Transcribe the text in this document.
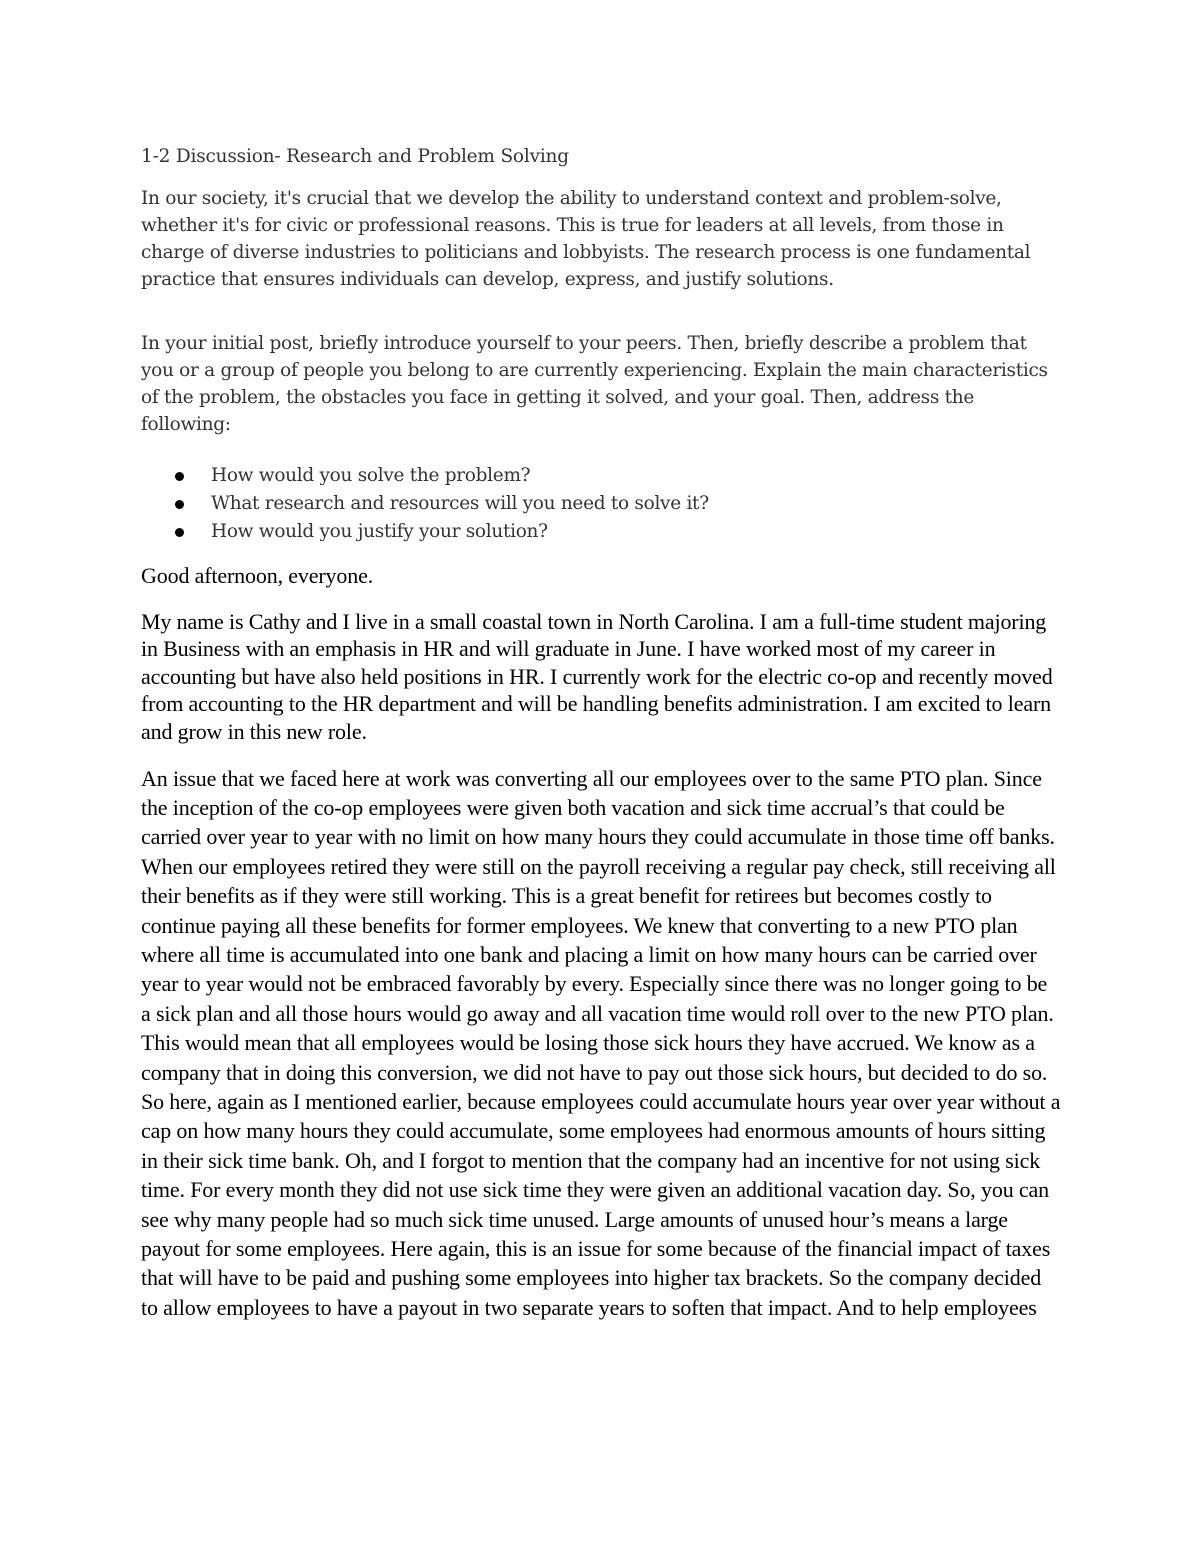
1-2 Discussion- Research and Problem Solving

In our society, it's crucial that we develop the ability to understand context and problem-solve, whether it's for civic or professional reasons. This is true for leaders at all levels, from those in charge of diverse industries to politicians and lobbyists. The research process is one fundamental practice that ensures individuals can develop, express, and justify solutions.

In your initial post, briefly introduce yourself to your peers. Then, briefly describe a problem that you or a group of people you belong to are currently experiencing. Explain the main characteristics of the problem, the obstacles you face in getting it solved, and your goal. Then, address the following:

How would you solve the problem?
What research and resources will you need to solve it?
How would you justify your solution?

Good afternoon, everyone.

My name is Cathy and I live in a small coastal town in North Carolina. I am a full-time student majoring in Business with an emphasis in HR and will graduate in June. I have worked most of my career in accounting but have also held positions in HR. I currently work for the electric co-op and recently moved from accounting to the HR department and will be handling benefits administration. I am excited to learn and grow in this new role.

An issue that we faced here at work was converting all our employees over to the same PTO plan. Since the inception of the co-op employees were given both vacation and sick time accrual’s that could be carried over year to year with no limit on how many hours they could accumulate in those time off banks. When our employees retired they were still on the payroll receiving a regular pay check, still receiving all their benefits as if they were still working. This is a great benefit for retirees but becomes costly to continue paying all these benefits for former employees. We knew that converting to a new PTO plan where all time is accumulated into one bank and placing a limit on how many hours can be carried over year to year would not be embraced favorably by every. Especially since there was no longer going to be a sick plan and all those hours would go away and all vacation time would roll over to the new PTO plan. This would mean that all employees would be losing those sick hours they have accrued. We know as a company that in doing this conversion, we did not have to pay out those sick hours, but decided to do so. So here, again as I mentioned earlier, because employees could accumulate hours year over year without a cap on how many hours they could accumulate, some employees had enormous amounts of hours sitting in their sick time bank. Oh, and I forgot to mention that the company had an incentive for not using sick time. For every month they did not use sick time they were given an additional vacation day. So, you can see why many people had so much sick time unused. Large amounts of unused hour’s means a large payout for some employees. Here again, this is an issue for some because of the financial impact of taxes that will have to be paid and pushing some employees into higher tax brackets. So the company decided to allow employees to have a payout in two separate years to soften that impact. And to help employees
